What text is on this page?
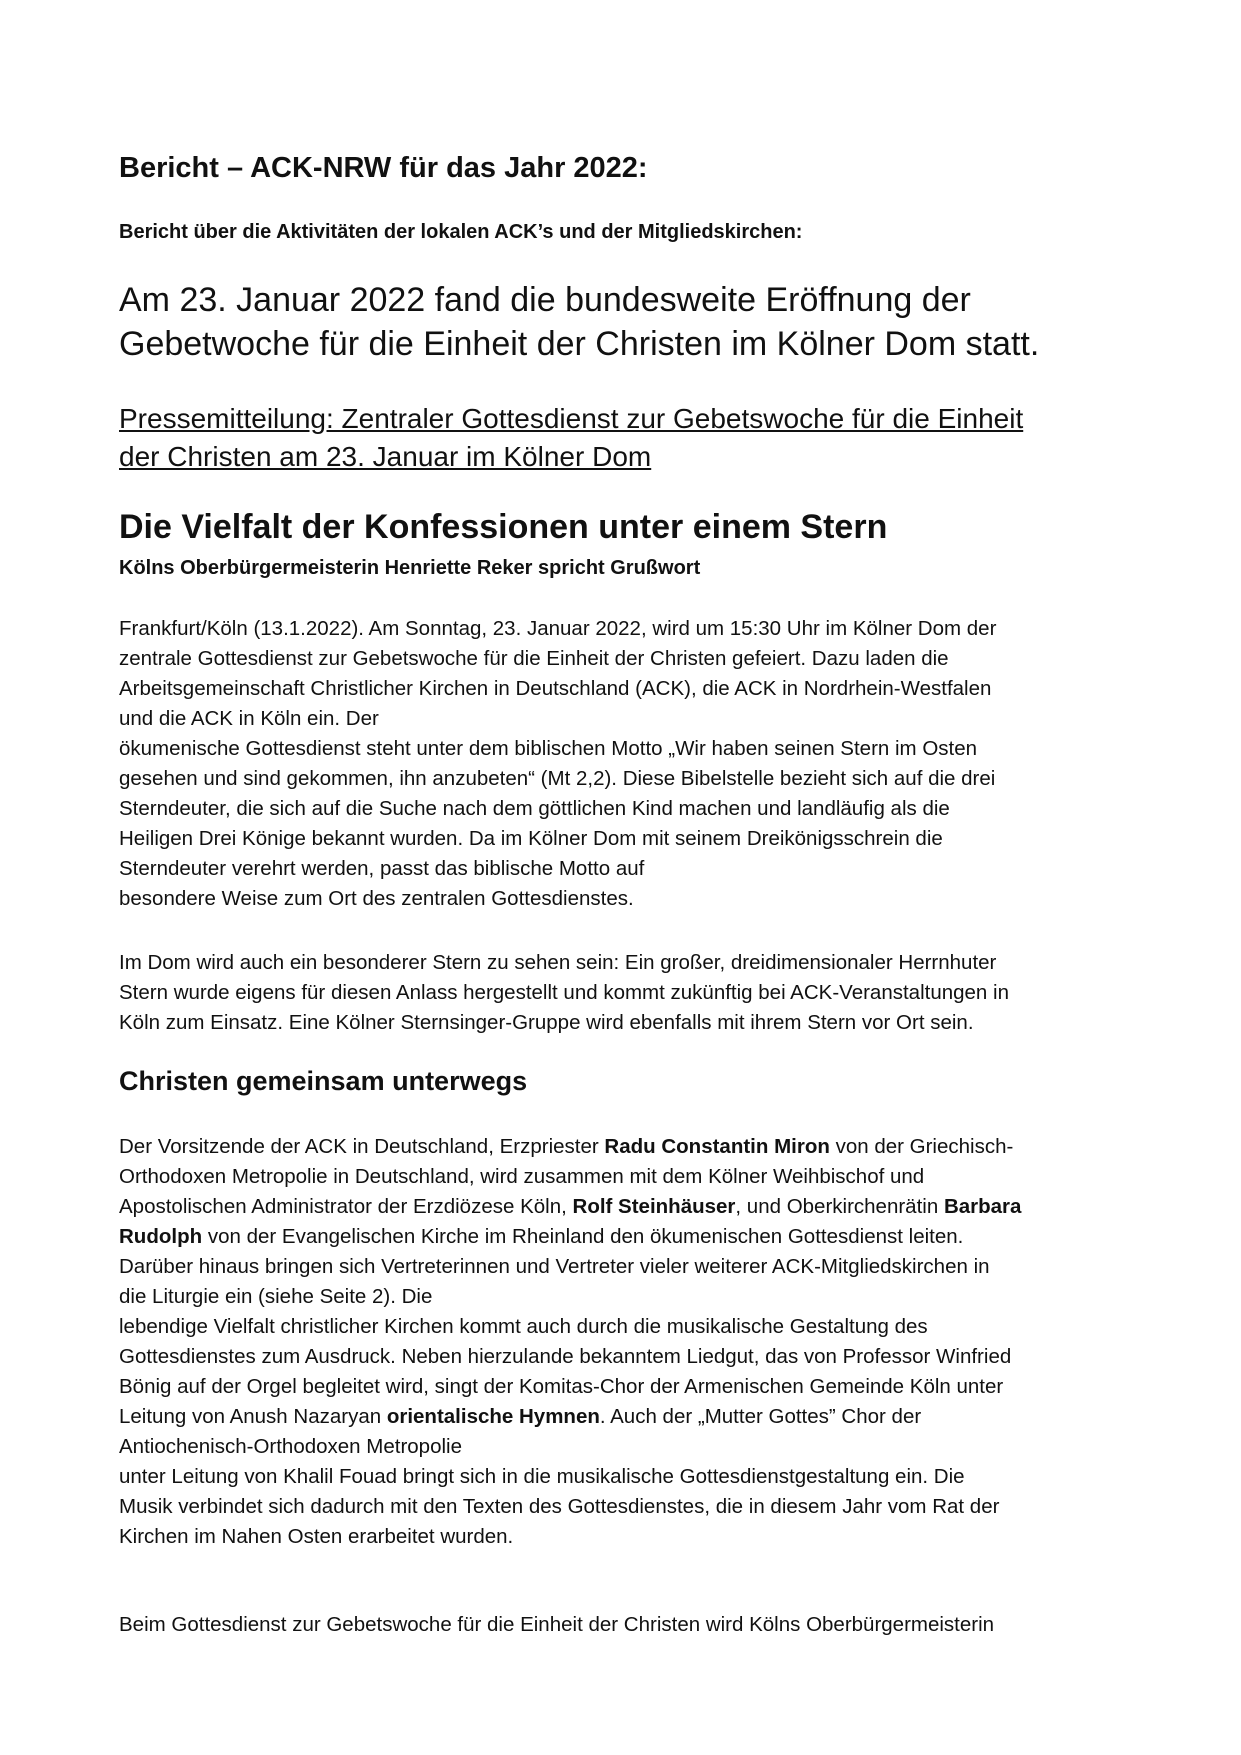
Bericht – ACK-NRW für das Jahr 2022:
Bericht über die Aktivitäten der lokalen ACK’s und der Mitgliedskirchen:

Am 23. Januar 2022 fand die bundesweite Eröffnung der
Gebetwoche für die Einheit der Christen im Kölner Dom statt.

Pressemitteilung: Zentraler Gottesdienst zur Gebetswoche für die Einheit
der Christen am 23. Januar im Kölner Dom
Die Vielfalt der Konfessionen unter einem Stern
Kölns Oberbürgermeisterin Henriette Reker spricht Grußwort

Frankfurt/Köln (13.1.2022). Am Sonntag, 23. Januar 2022, wird um 15:30 Uhr im Kölner Dom der
zentrale Gottesdienst zur Gebetswoche für die Einheit der Christen gefeiert. Dazu laden die
Arbeitsgemeinschaft Christlicher Kirchen in Deutschland (ACK), die ACK in Nordrhein-Westfalen
und die ACK in Köln ein. Der
ökumenische Gottesdienst steht unter dem biblischen Motto „Wir haben seinen Stern im Osten
gesehen und sind gekommen, ihn anzubeten“ (Mt 2,2). Diese Bibelstelle bezieht sich auf die drei
Sterndeuter, die sich auf die Suche nach dem göttlichen Kind machen und landläufig als die
Heiligen Drei Könige bekannt wurden. Da im Kölner Dom mit seinem Dreikönigsschrein die
Sterndeuter verehrt werden, passt das biblische Motto auf
besondere Weise zum Ort des zentralen Gottesdienstes.

Im Dom wird auch ein besonderer Stern zu sehen sein: Ein großer, dreidimensionaler Herrnhuter
Stern wurde eigens für diesen Anlass hergestellt und kommt zukünftig bei ACK-Veranstaltungen in
Köln zum Einsatz. Eine Kölner Sternsinger-Gruppe wird ebenfalls mit ihrem Stern vor Ort sein.

Christen gemeinsam unterwegs

Der Vorsitzende der ACK in Deutschland, Erzpriester Radu Constantin Miron von der Griechisch-
Orthodoxen Metropolie in Deutschland, wird zusammen mit dem Kölner Weihbischof und
Apostolischen Administrator der Erzdiözese Köln, Rolf Steinhäuser, und Oberkirchenrätin Barbara
Rudolph von der Evangelischen Kirche im Rheinland den ökumenischen Gottesdienst leiten.
Darüber hinaus bringen sich Vertreterinnen und Vertreter vieler weiterer ACK-Mitgliedskirchen in
die Liturgie ein (siehe Seite 2). Die
lebendige Vielfalt christlicher Kirchen kommt auch durch die musikalische Gestaltung des
Gottesdienstes zum Ausdruck. Neben hierzulande bekanntem Liedgut, das von Professor Winfried
Bönig auf der Orgel begleitet wird, singt der Komitas-Chor der Armenischen Gemeinde Köln unter
Leitung von Anush Nazaryan orientalische Hymnen. Auch der „Mutter Gottes” Chor der
Antiochenisch-Orthodoxen Metropolie
unter Leitung von Khalil Fouad bringt sich in die musikalische Gottesdienstgestaltung ein. Die
Musik verbindet sich dadurch mit den Texten des Gottesdienstes, die in diesem Jahr vom Rat der
Kirchen im Nahen Osten erarbeitet wurden.

Beim Gottesdienst zur Gebetswoche für die Einheit der Christen wird Kölns Oberbürgermeisterin
